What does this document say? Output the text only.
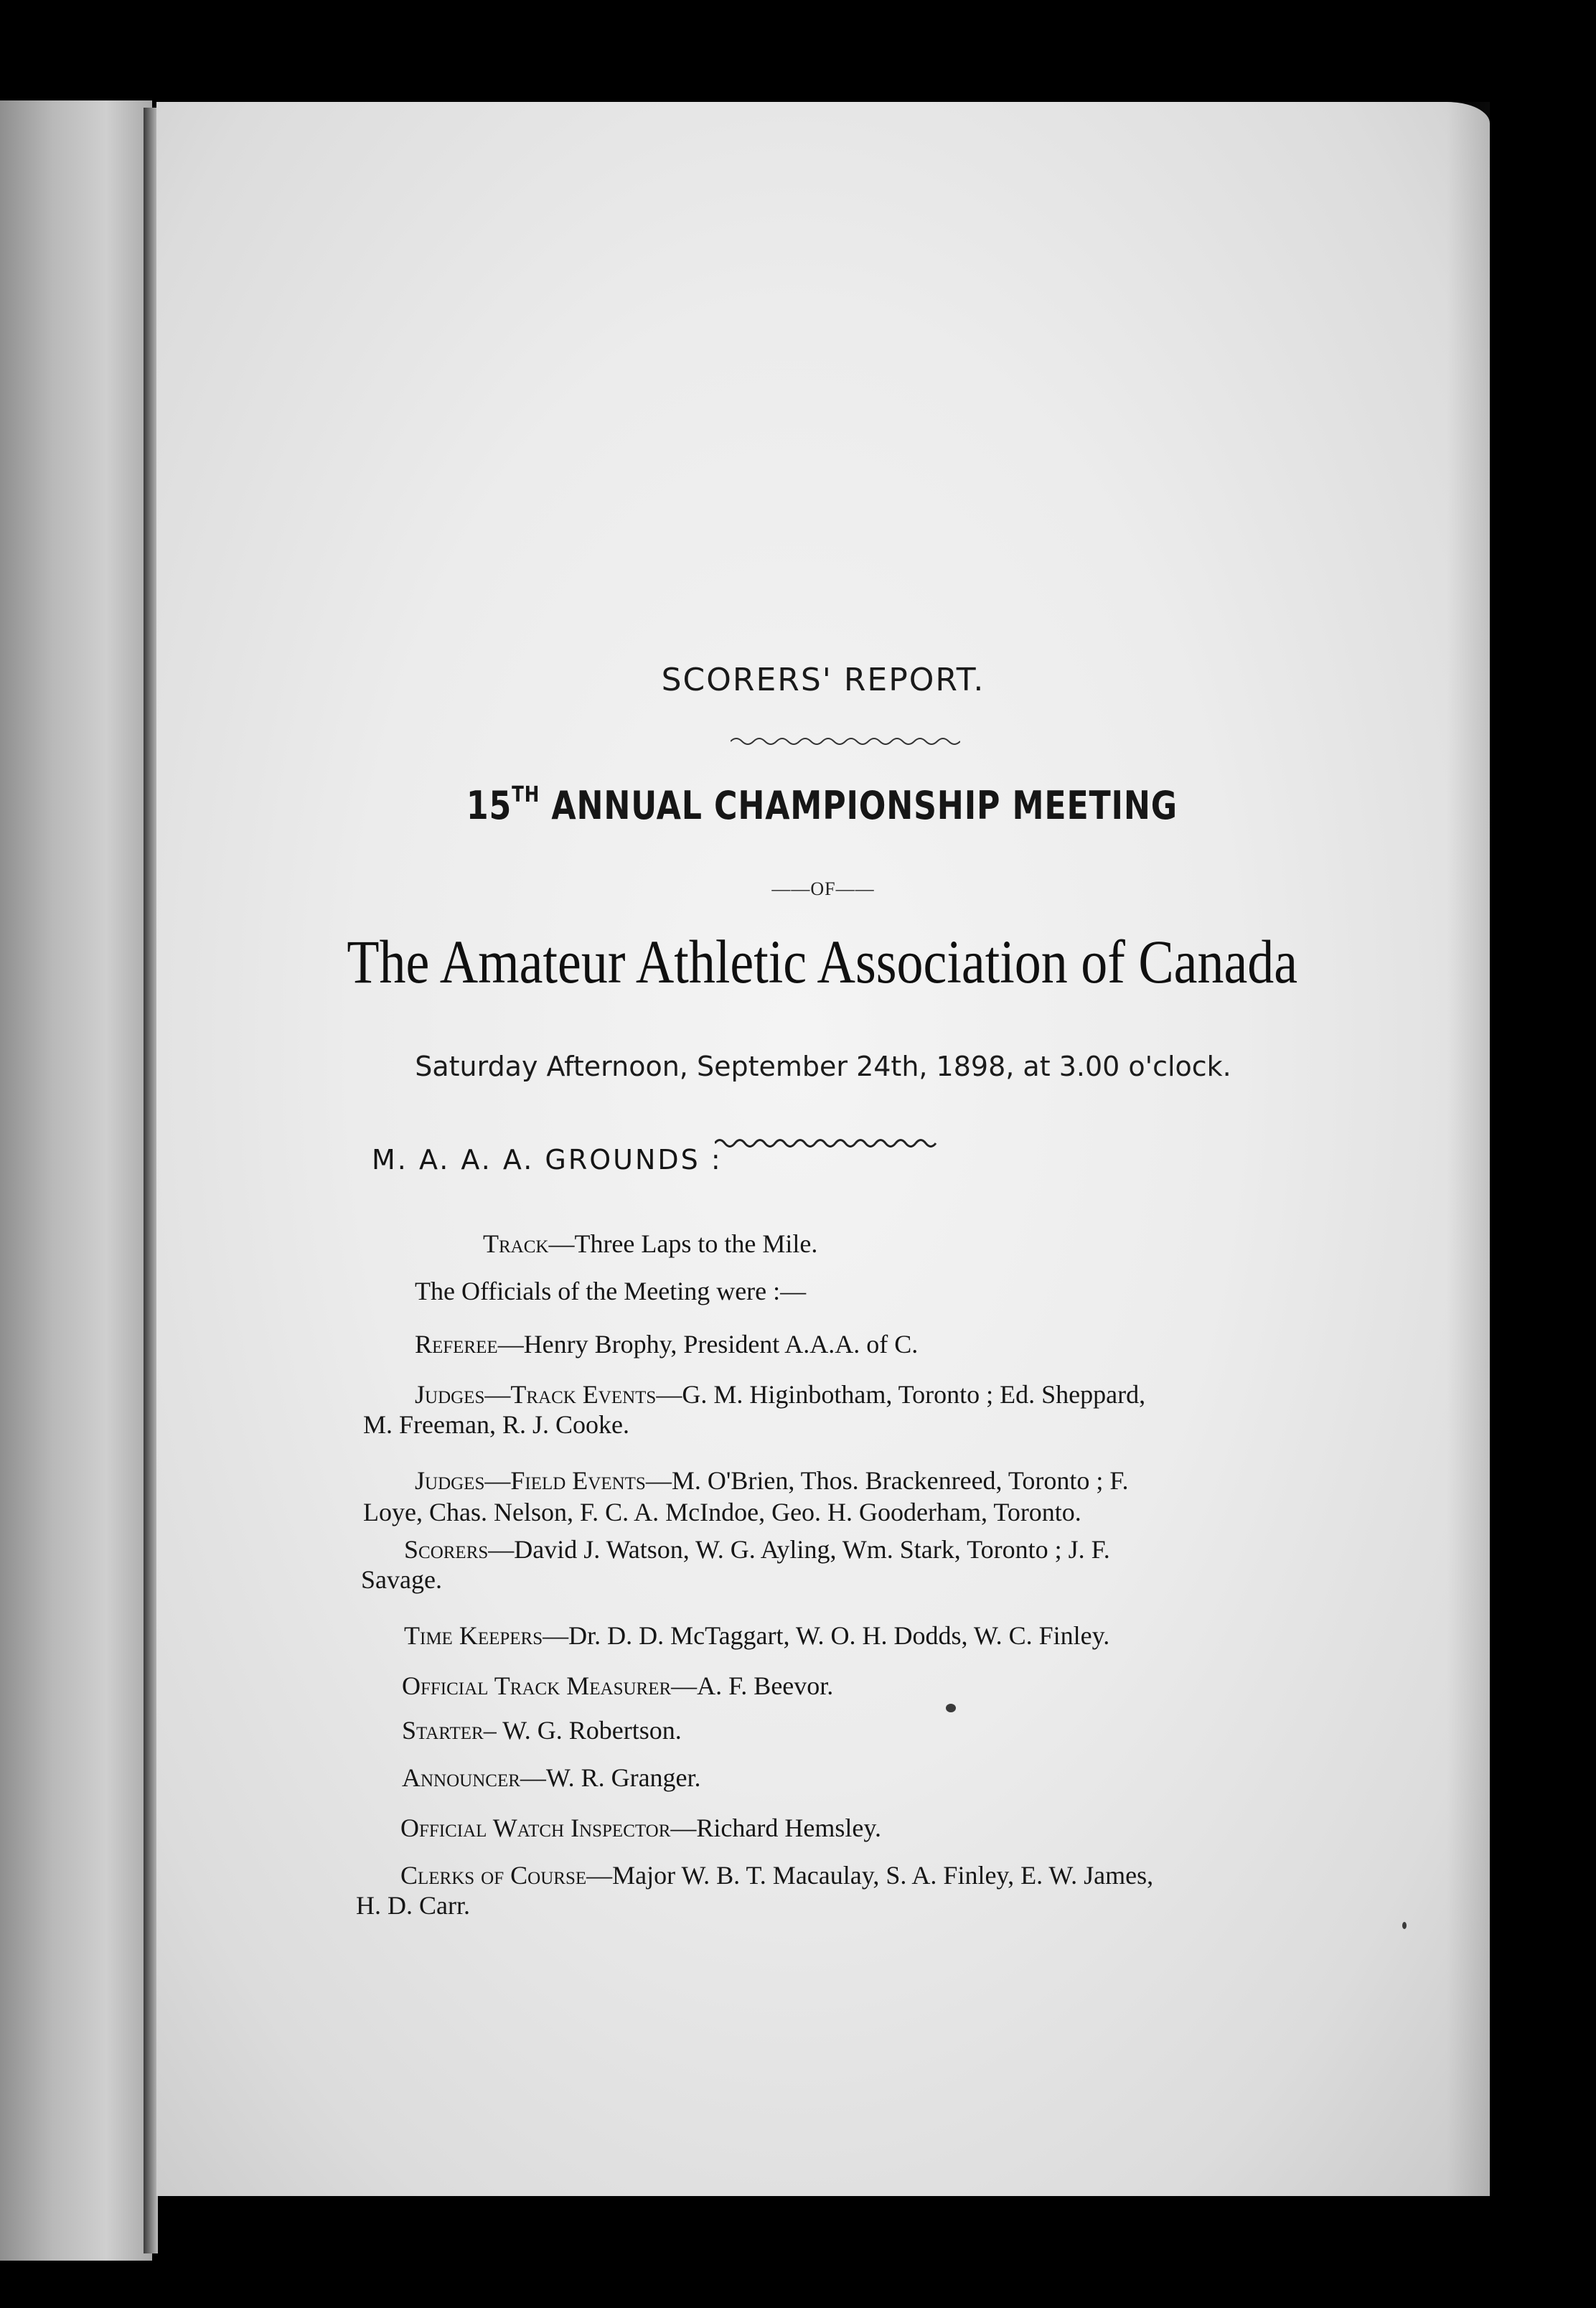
SCORERS' REPORT.
15TH ANNUAL CHAMPIONSHIP MEETING
——OF——
The Amateur Athletic Association of Canada
Saturday Afternoon, September 24th, 1898, at 3.00 o'clock.
M. A. A. A. GROUNDS :
Track—Three Laps to the Mile.
The Officials of the Meeting were :—
Referee—Henry Brophy, President A.A.A. of C.
Judges—Track Events—G. M. Higinbotham, Toronto ; Ed. Sheppard,
M. Freeman, R. J. Cooke.
Judges—Field Events—M. O'Brien, Thos. Brackenreed, Toronto ; F.
Loye, Chas. Nelson, F. C. A. McIndoe, Geo. H. Gooderham, Toronto.
Scorers—David J. Watson, W. G. Ayling, Wm. Stark, Toronto ; J. F.
Savage.
Time Keepers—Dr. D. D. McTaggart, W. O. H. Dodds, W. C. Finley.
Official Track Measurer—A. F. Beevor.
Starter– W. G. Robertson.
Announcer—W. R. Granger.
Official Watch Inspector—Richard Hemsley.
Clerks of Course—Major W. B. T. Macaulay, S. A. Finley, E. W. James,
H. D. Carr.
